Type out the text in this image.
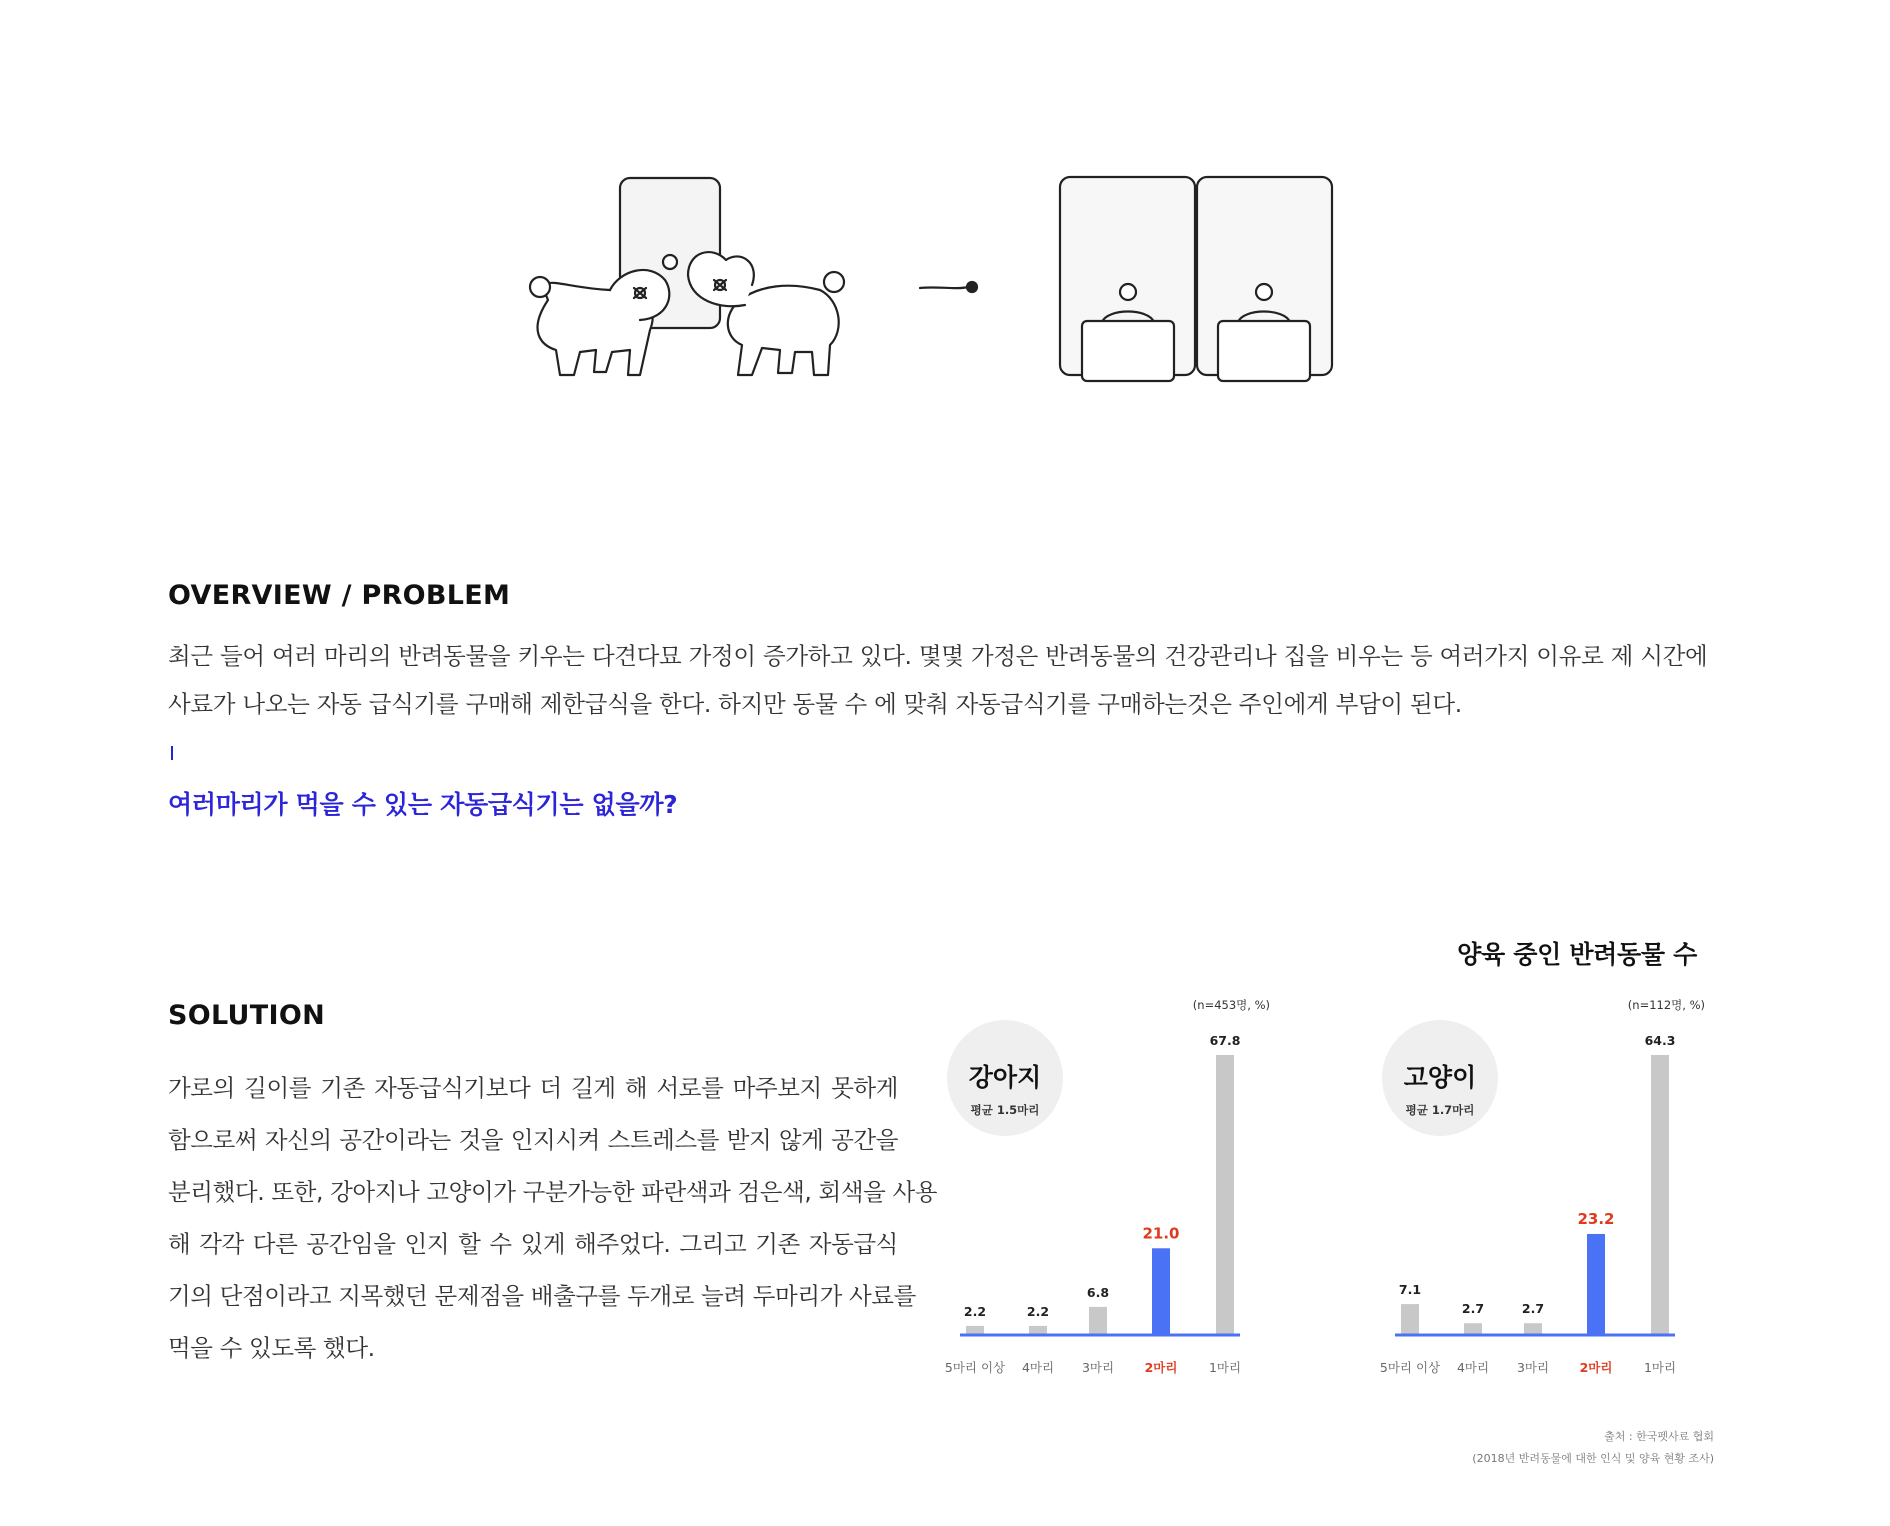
OVERVIEW / PROBLEM
최근 들어 여러 마리의 반려동물을 키우는 다견다묘 가정이 증가하고 있다. 몇몇 가정은 반려동물의 건강관리나 집을 비우는 등 여러가지 이유로 제 시간에
사료가 나오는 자동 급식기를 구매해 제한급식을 한다. 하지만 동물 수 에 맞춰 자동급식기를 구매하는것은 주인에게 부담이 된다.
여러마리가 먹을 수 있는 자동급식기는 없을까?
SOLUTION
가로의 길이를 기존 자동급식기보다 더 길게 해 서로를 마주보지 못하게
함으로써 자신의 공간이라는 것을 인지시켜 스트레스를 받지 않게 공간을
분리했다. 또한, 강아지나 고양이가 구분가능한 파란색과 검은색, 회색을 사용
해 각각 다른 공간임을 인지 할 수 있게 해주었다. 그리고 기존 자동급식
기의 단점이라고 지목했던 문제점을 배출구를 두개로 늘려 두마리가 사료를
먹을 수 있도록 했다.
양육 중인 반려동물 수
강아지
평균 1.5마리
(n=453명, %)
2.2
5마리 이상
2.2
4마리
6.8
3마리
21.0
2마리
67.8
1마리
고양이
평균 1.7마리
(n=112명, %)
7.1
5마리 이상
2.7
4마리
2.7
3마리
23.2
2마리
64.3
1마리
출처 : 한국펫사료 협회
(2018년 반려동물에 대한 인식 및 양육 현황 조사)
